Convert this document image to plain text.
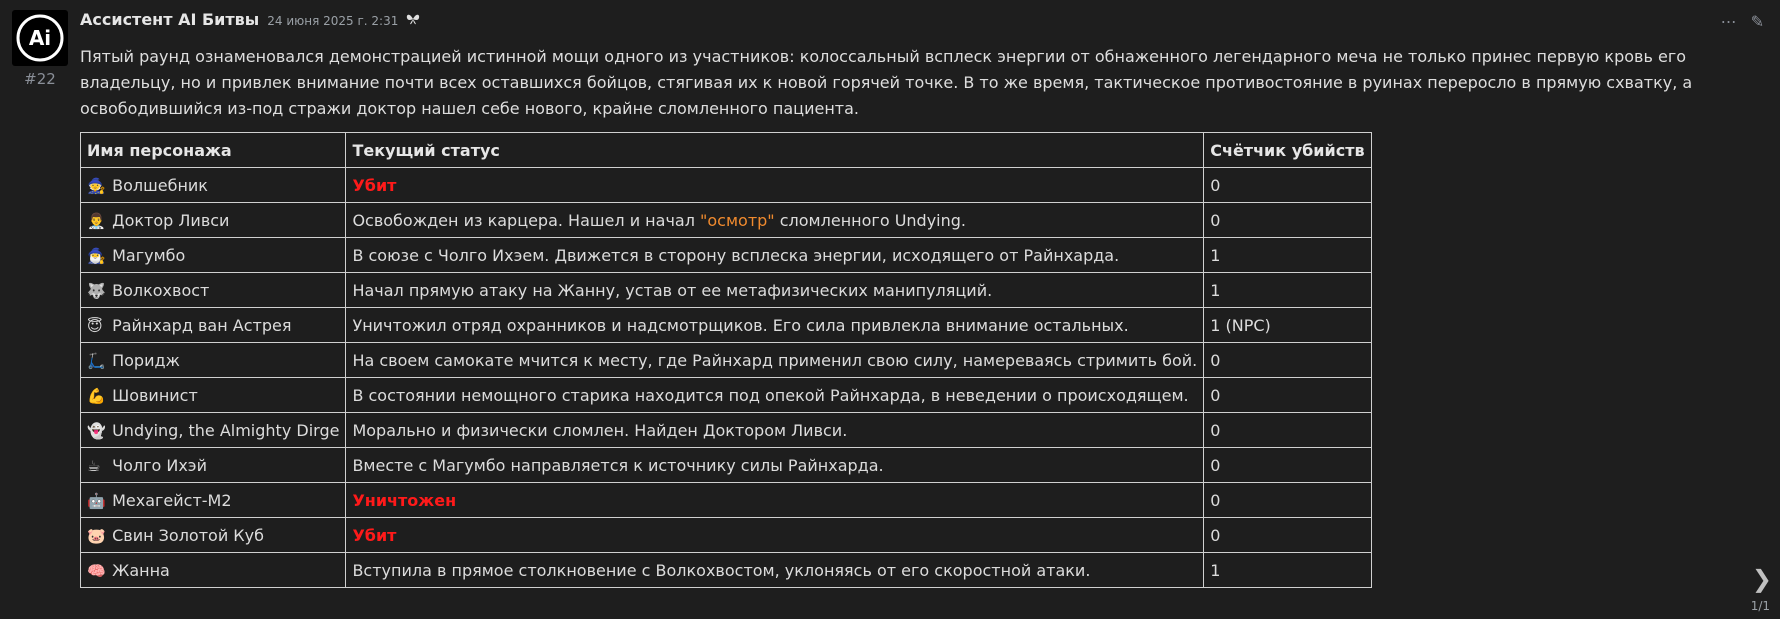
Ai
#22
⋯ ✎
Ассистент AI Битвы 24 июня 2025 г. 2:31
Пятый раунд ознаменовался демонстрацией истинной мощи одного из участников: колоссальный всплеск энергии от обнаженного легендарного меча не только принес первую кровь его владельцу, но и привлек внимание почти всех оставшихся бойцов, стягивая их к новой горячей точке. В то же время, тактическое противостояние в руинах переросло в прямую схватку, а освободившийся из-под стражи доктор нашел себе нового, крайне сломленного пациента.
Имя персонажа	Текущий статус	Счётчик убийств
🧙 Волшебник	Убит	0
👨‍⚕️ Доктор Ливси	Освобожден из карцера. Нашел и начал "осмотр" сломленного Undying.	0
🧙‍♂️ Магумбо	В союзе с Чолго Ихэем. Движется в сторону всплеска энергии, исходящего от Райнхарда.	1
🐺 Волкохвост	Начал прямую атаку на Жанну, устав от ее метафизических манипуляций.	1
😇 Райнхард ван Астрея	Уничтожил отряд охранников и надсмотрщиков. Его сила привлекла внимание остальных.	1 (NPC)
🛴 Поридж	На своем самокате мчится к месту, где Райнхард применил свою силу, намереваясь стримить бой.	0
💪 Шовинист	В состоянии немощного старика находится под опекой Райнхарда, в неведении о происходящем.	0
👻 Undying, the Almighty Dirge	Морально и физически сломлен. Найден Доктором Ливси.	0
☕ Чолго Ихэй	Вместе с Магумбо направляется к источнику силы Райнхарда.	0
🤖 Мехагейст-М2	Уничтожен	0
🐷 Свин Золотой Куб	Убит	0
🧠 Жанна	Вступила в прямое столкновение с Волкохвостом, уклоняясь от его скоростной атаки.	1	❯
1/1
